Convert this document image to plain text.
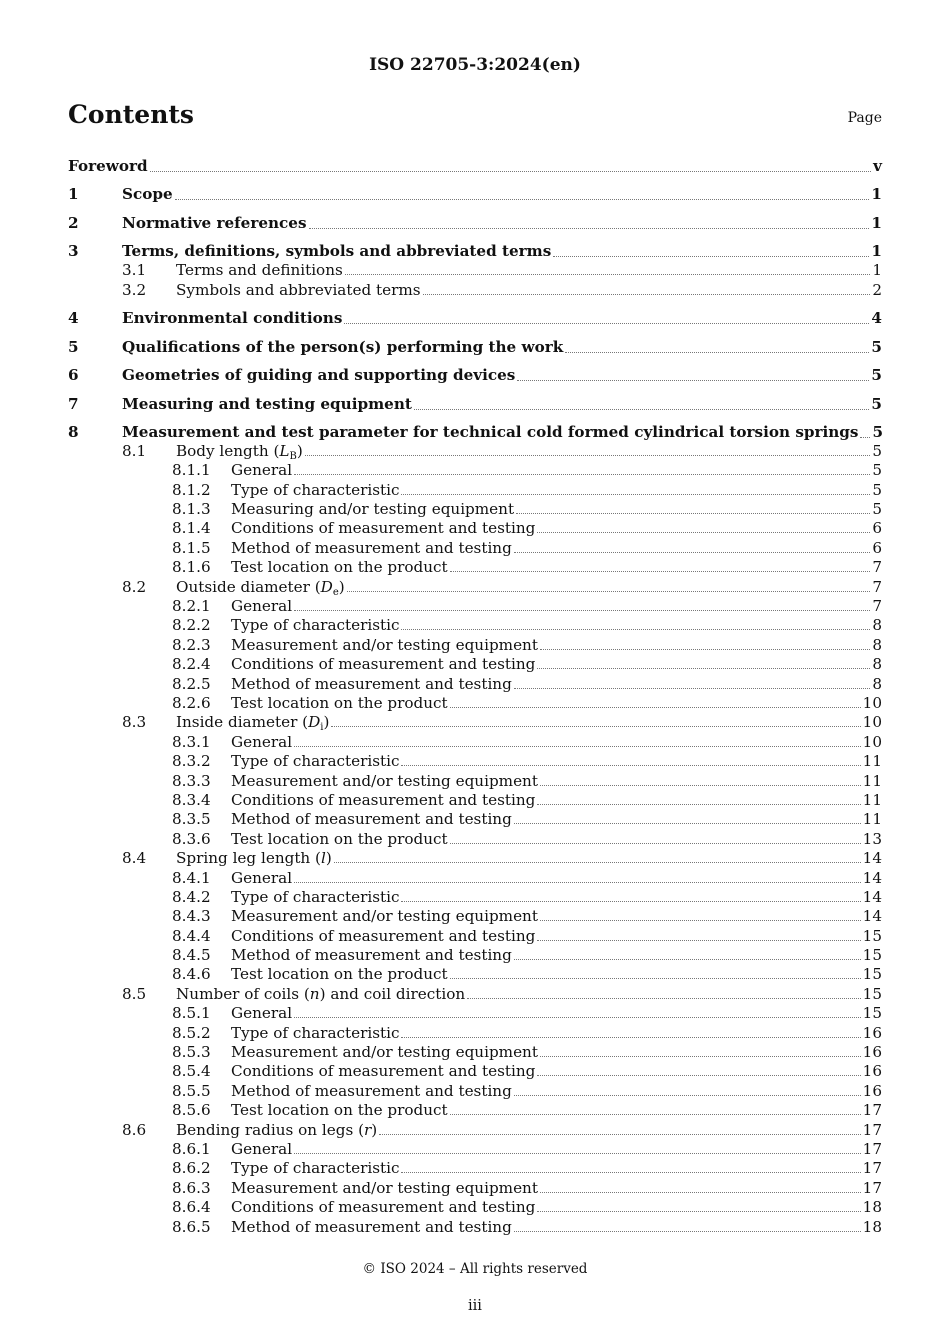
ISO 22705-3:2024(en)
Contents	Page
Foreword	v
1	Scope	1
2	Normative references	1
3	Terms, definitions, symbols and abbreviated terms	1
3.1	Terms and definitions	1
3.2	Symbols and abbreviated terms	2
4	Environmental conditions	4
5	Qualifications of the person(s) performing the work	5
6	Geometries of guiding and supporting devices	5
7	Measuring and testing equipment	5
8	Measurement and test parameter for technical cold formed cylindrical torsion springs 5
8.1	Body length $(L_B)$	5
8.1.1	General	5
8.1.2	Type of characteristic	5
8.1.3	Measuring and/or testing equipment	5
8.1.4	Conditions of measurement and testing	6
8.1.5	Method of measurement and testing	6
8.1.6	Test location on the product	7
8.2	Outside diameter $(D_e)$	7
8.2.1	General	7
8.2.2	Type of characteristic	8
8.2.3	Measurement and/or testing equipment	8
8.2.4	Conditions of measurement and testing	8
8.2.5	Method of measurement and testing	8
8.2.6	Test location on the product	10
8.3	Inside diameter $(D_i)$	10
8.3.1	General	10
8.3.2	Type of characteristic	11
8.3.3	Measurement and/or testing equipment	11
8.3.4	Conditions of measurement and testing	11
8.3.5	Method of measurement and testing	11
8.3.6	Test location on the product	13
8.4	Spring leg length (l)	14
8.4.1	General	14
8.4.2	Type of characteristic	14
8.4.3	Measurement and/or testing equipment	14
8.4.4	Conditions of measurement and testing	15
8.4.5	Method of measurement and testing	15
8.4.6	Test location on the product	15
8.5	Number of coils (n) and coil direction	15
8.5.1	General	15
8.5.2	Type of characteristic	16
8.5.3	Measurement and/or testing equipment	16
8.5.4	Conditions of measurement and testing	16
8.5.5	Method of measurement and testing	16
8.5.6	Test location on the product	17
8.6	Bending radius on legs (r)	17
8.6.1	General	17
8.6.2	Type of characteristic	17
8.6.3	Measurement and/or testing equipment	17
8.6.4	Conditions of measurement and testing	18
8.6.5	Method of measurement and testing	18
© ISO 2024 – All rights reserved
iii
